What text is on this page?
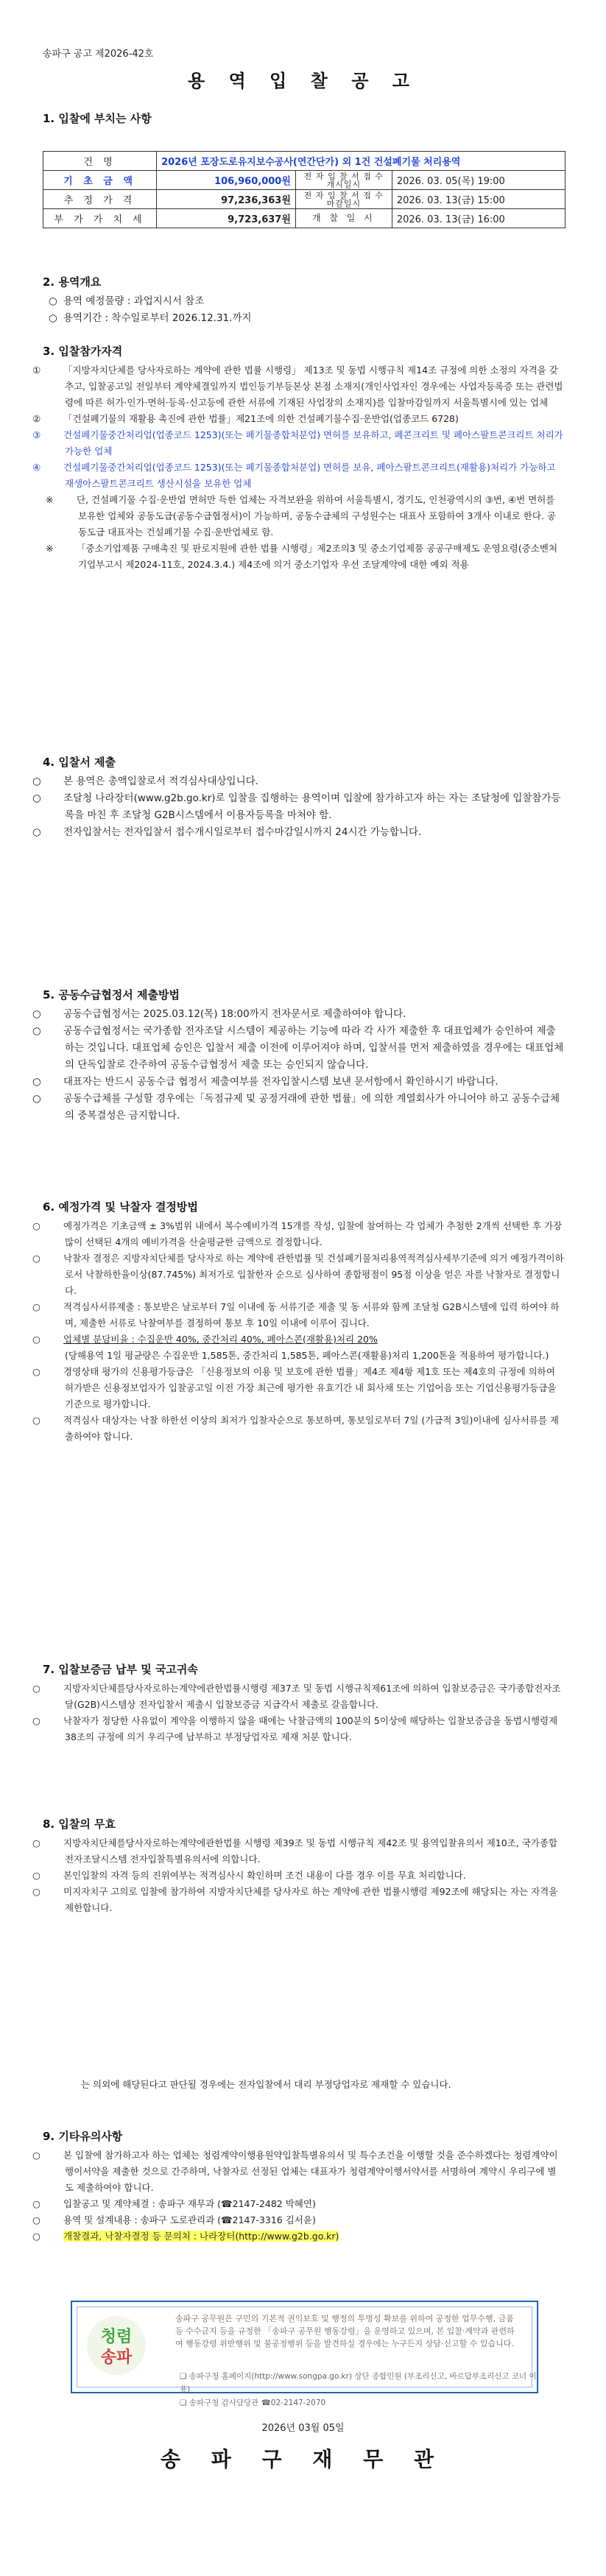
송파구 공고 제2026-42호
용 역 입 찰 공 고
1. 입찰에 부치는 사항
건 명	2026년 포장도로유지보수공사(연간단가) 외 1건 건설폐기물 처리용역		
기 초 금 액	106,960,000원	전 자 입 찰 서 접 수 개시일시	2026. 03. 05(목) 19:00
추 정 가 격	97,236,363원	전 자 입 찰 서 접 수 마감일시	2026. 03. 13(금) 15:00
부 가 가 치 세	9,723,637원	개 찰 일 시	2026. 03. 13(금) 16:00
2. 용역개요

○ 용역 예정물량 : 과업지시서 참조

○ 용역기간 : 착수일로부터 2026.12.31.까지

3. 입찰참가자격

① 「지방자치단체를 당사자로하는 계약에 관한 법률 시행령」 제13조 및 동법 시행규칙 제14조 규정에 의한 소정의 자격을 갖추고, 입찰공고일 전일부터 계약체결일까지 법인등기부등본상 본점 소재지(개인사업자인 경우에는 사업자등록증 또는 관련법령에 따른 허가·인가·면허·등록·신고등에 관한 서류에 기재된 사업장의 소재지)를 입찰마감일까지 서울특별시에 있는 업체

② 「건설폐기물의 재활용 촉진에 관한 법률」제21조에 의한 건설폐기물수집·운반업(업종코드 6728)

③ 건설폐기물중간처리업(업종코드 1253)(또는 폐기물종합처분업) 면허를 보유하고, 폐콘크리트 및 폐아스팔트콘크리트 처리가 가능한 업체

④ 건설폐기물중간처리업(업종코드 1253)(또는 폐기물종합처분업) 면허를 보유, 폐아스팔트콘크리트(재활용)처리가 가능하고 재생아스팔트콘크리트 생산시설을 보유한 업체

※	단, 건설폐기물 수집·운반업 면허만 득한 업체는 자격보완을 위하여 서울특별시, 경기도, 인천광역시의 ③번, ④번 면허를 보유한 업체와 공동도급(공동수급협정서)이 가능하며, 공동수급체의 구성원수는 대표사 포함하여 3개사 이내로 한다. 공동도급 대표자는 건설폐기물 수집·운반업체로 함.

※	「중소기업제품 구매촉진 및 판로지원에 관한 법률 시행령」제2조의3 및 중소기업제품 공공구매제도 운영요령(중소벤처기업부고시 제2024-11호, 2024.3.4.) 제4조에 의거 중소기업자 우선 조달계약에 대한 예외 적용

4. 입찰서 제출

○ 본 용역은 총액입찰로서 적격심사대상입니다.

○ 조달청 나라장터(www.g2b.go.kr)로 입찰을 집행하는 용역이며 입찰에 참가하고자 하는 자는 조달청에 입찰참가등록을 마친 후 조달청 G2B시스템에서 이용자등록을 마쳐야 함.

○ 전자입찰서는 전자입찰서 접수개시일로부터 접수마감일시까지 24시간 가능합니다.

5. 공동수급협정서 제출방법

○ 공동수급협정서는 2025.03.12(목) 18:00까지 전자문서로 제출하여야 합니다.

○ 공동수급협정서는 국가종합 전자조달 시스템이 제공하는 기능에 따라 각 사가 제출한 후 대표업체가 승인하여 제출하는 것입니다. 대표업체 승인은 입찰서 제출 이전에 이루어져야 하며, 입찰서를 먼저 제출하였을 경우에는 대표업체의 단독입찰로 간주하여 공동수급협정서 제출 또는 승인되지 않습니다.

○ 대표자는 반드시 공동수급 협정서 제출여부를 전자입찰시스템 보낸 문서함에서 확인하시기 바랍니다.

○ 공동수급체를 구성할 경우에는「독점규제 및 공정거래에 관한 법률」에 의한 계열회사가 아니어야 하고 공동수급체의 중복결성은 금지합니다.

6. 예정가격 및 낙찰자 결정방법

○ 예정가격은 기초금액 ± 3%범위 내에서 복수예비가격 15개를 작성, 입찰에 참여하는 각 업체가 추첨한 2개씩 선택한 후 가장 많이 선택된 4개의 예비가격을 산술평균한 금액으로 결정합니다.

○ 낙찰자 결정은 지방자치단체를 당사자로 하는 계약에 관한법률 및 건설폐기물처리용역적격심사세부기준에 의거 예정가격이하로서 낙찰하한율이상(87.745%) 최저가로 입찰한자 순으로 심사하여 종합평점이 95점 이상을 얻은 자를 낙찰자로 결정합니다.

○ 적격심사서류제출 : 통보받은 날로부터 7일 이내에 동 서류기준 제출 및 동 서류와 함께 조달청 G2B시스템에 입력 하여야 하며, 제출한 서류로 낙찰여부를 결정하여 통보 후 10일 이내에 이루어 집니다.

○ 업체별 분담비율 : 수집운반 40%, 중간처리 40%, 폐아스콘(재활용)처리 20%

(당해용역 1일 평균량은 수집운반 1,585톤, 중간처리 1,585톤, 폐아스콘(재활용)처리 1,200톤을 적용하여 평가합니다.)

○ 경영상태 평가의 신용평가등급은 「신용정보의 이용 및 보호에 관한 법률」제4조 제4항 제1호 또는 제4호의 규정에 의하여 허가받은 신용정보업자가 입찰공고일 이전 가장 최근에 평가한 유효기간 내 회사채 또는 기업어음 또는 기업신용평가등급을 기준으로 평가합니다.

○ 적격심사 대상자는 낙찰 하한선 이상의 최저가 입찰자순으로 통보하며, 통보일로부터 7일 (가급적 3일)이내에 심사서류를 제출하여야 합니다.

7. 입찰보증금 납부 및 국고귀속

○ 지방자치단체를당사자로하는계약에관한법률시행령 제37조 및 동법 시행규칙제61조에 의하여 입찰보증금은 국가종합전자조달(G2B)시스템상 전자입찰서 제출시 입찰보증금 지급각서 제출로 갈음합니다.

○ 낙찰자가 정당한 사유없이 계약을 이행하지 않을 때에는 낙찰금액의 100분의 5이상에 해당하는 입찰보증금을 동법시행령제38조의 규정에 의거 우리구에 납부하고 부정당업자로 제재 처분 합니다.

8. 입찰의 무효

○ 지방자치단체를당사자로하는계약에관한법률 시행령 제39조 및 동법 시행규칙 제42조 및 용역입찰유의서 제10조, 국가종합전자조달시스템 전자입찰특별유의서에 의합니다.

○ 본인입찰의 자격 등의 진위여부는 적격심사시 확인하며 조건 내용이 다를 경우 이를 무효 처리합니다.

○ 미지자치구 고의로 입찰에 참가하여 지방자치단체를 당사자로 하는 계약에 관한 법률시행령 제92조에 해당되는 자는 자격을 제한합니다.

는 의외에 해당된다고 판단될 경우에는 전자입찰에서 대리 부정당업자로 제재할 수 있습니다.
9. 기타유의사항

○ 본 입찰에 참가하고자 하는 업체는 청렴계약이행용원약입찰특별유의서 및 특수조건을 이행할 것을 준수하겠다는 청렴계약이행이서약을 제출한 것으로 간주하며, 낙찰자로 선정된 업체는 대표자가 청렴계약이행서약서를 서명하여 계약시 우리구에 별도 제출하여야 합니다.

○ 입찰공고 및 계약체결 : 송파구 재무과 (☎2147-2482 박혜연)

○ 용역 및 설계내용 : 송파구 도로관리과 (☎2147-3316 김서윤)

○ 개찰결과, 낙찰자결정 등 문의처 : 나라장터(http://www.g2b.go.kr)

청렴
송파
송파구 공무원은 구민의 기본적 권익보호 및 행정의 투명성 확보를 위하여 공정한 업무수행, 금품 등 수수금지 등을 규정한 「송파구 공무원 행동강령」을 운영하고 있으며, 본 입찰·계약과 관련하여 행동강령 위반행위 및 불공정행위 등을 발견하실 경우에는 누구든지 상담·신고할 수 있습니다.
❑ 송파구청 홈페이지(http://www.songpa.go.kr) 상단 종합민원 (부조리신고, 바르답부조리신고 코너 이용)
❑ 송파구청 감사담당관 ☎02-2147-2070
2026년 03월 05일
송 파 구 재 무 관
